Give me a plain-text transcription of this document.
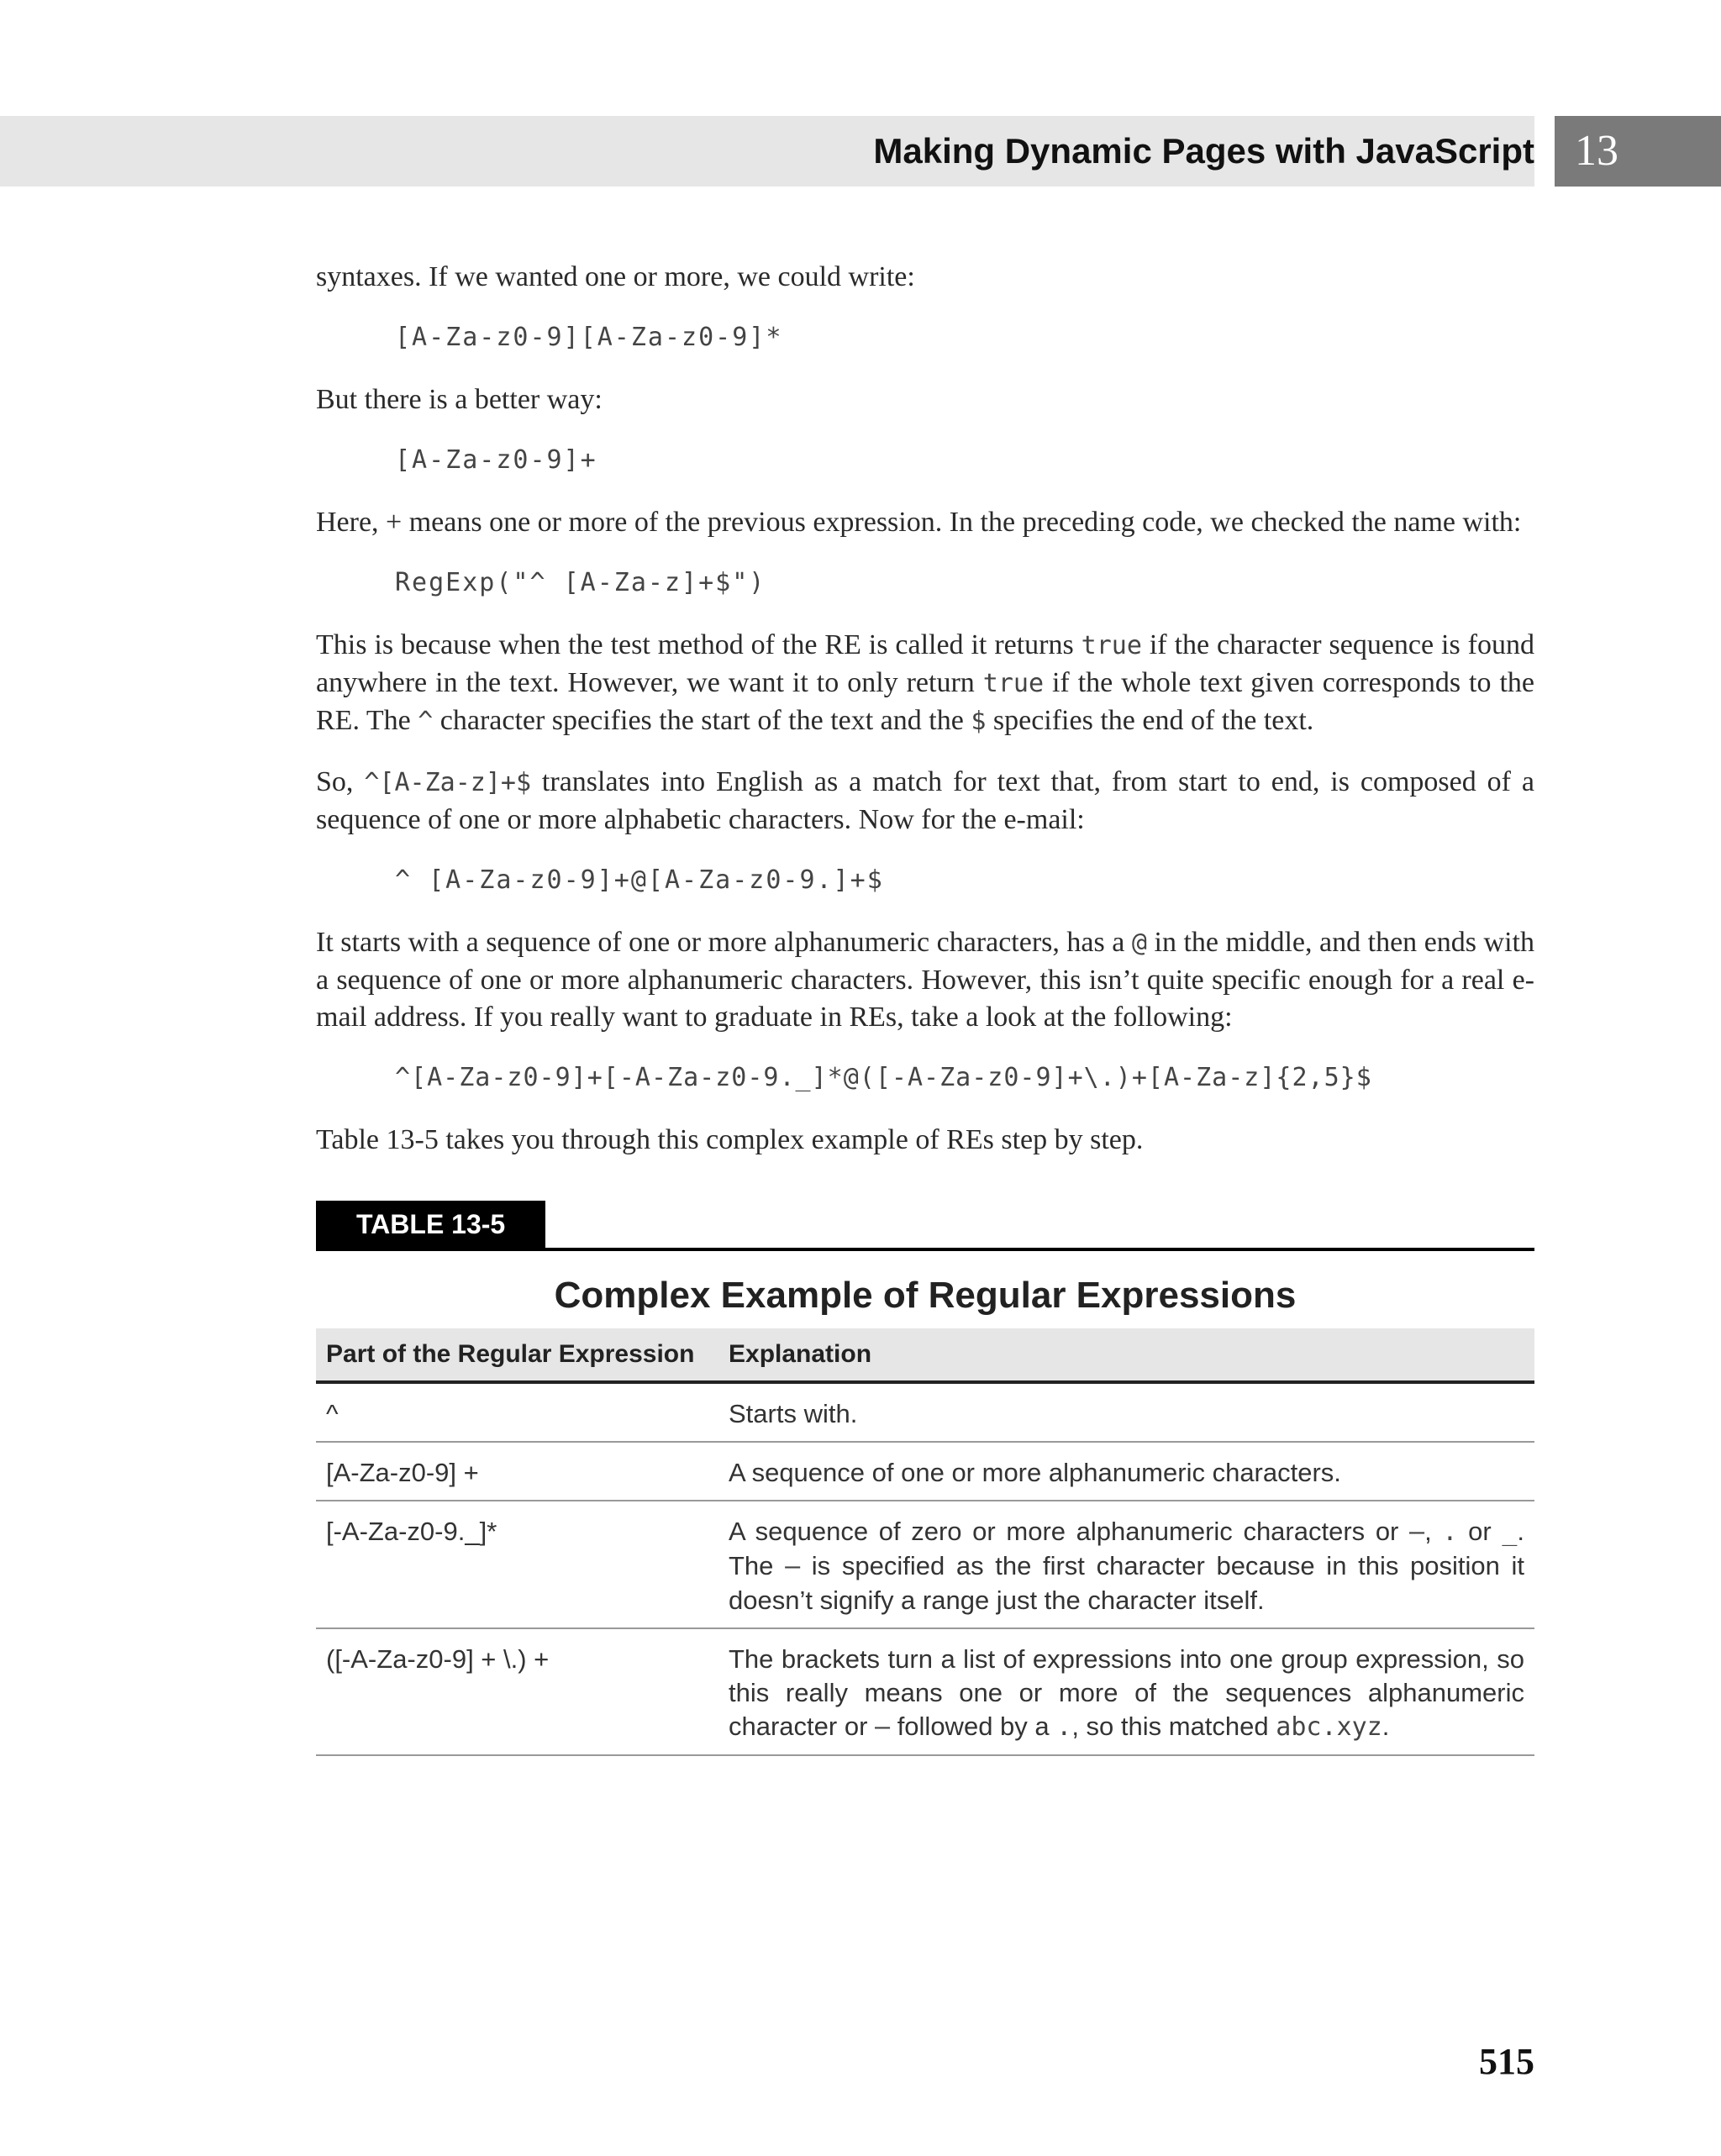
Making Dynamic Pages with JavaScript 13

syntaxes. If we wanted one or more, we could write:

[A-Za-z0-9][A-Za-z0-9]*

But there is a better way:

[A-Za-z0-9]+

Here, + means one or more of the previous expression. In the preceding code, we checked the name with:

RegExp("^ [A-Za-z]+$")

This is because when the test method of the RE is called it returns true if the character sequence is found anywhere in the text. However, we want it to only return true if the whole text given corresponds to the RE. The ^ character specifies the start of the text and the $ specifies the end of the text.

So, ^[A-Za-z]+$ translates into English as a match for text that, from start to end, is composed of a sequence of one or more alphabetic characters. Now for the e-mail:

^ [A-Za-z0-9]+@[A-Za-z0-9.]+$

It starts with a sequence of one or more alphanumeric characters, has a @ in the middle, and then ends with a sequence of one or more alphanumeric characters. However, this isn’t quite specific enough for a real e-mail address. If you really want to graduate in REs, take a look at the following:

^[A-Za-z0-9]+[-A-Za-z0-9._]*@([-A-Za-z0-9]+\.)+[A-Za-z]{2,5}$

Table 13-5 takes you through this complex example of REs step by step.

TABLE 13-5
Complex Example of Regular Expressions
Part of the Regular Expression	Explanation
^	Starts with.
[A-Za-z0-9] +	A sequence of one or more alphanumeric characters.
[-A-Za-z0-9._]*	A sequence of zero or more alphanumeric characters or –, . or _. The – is specified as the first character because in this position it doesn’t signify a range just the character itself.
([-A-Za-z0-9] + \.) +	The brackets turn a list of expressions into one group expression, so this really means one or more of the sequences alphanumeric character or – followed by a ., so this matched abc.xyz.
515
